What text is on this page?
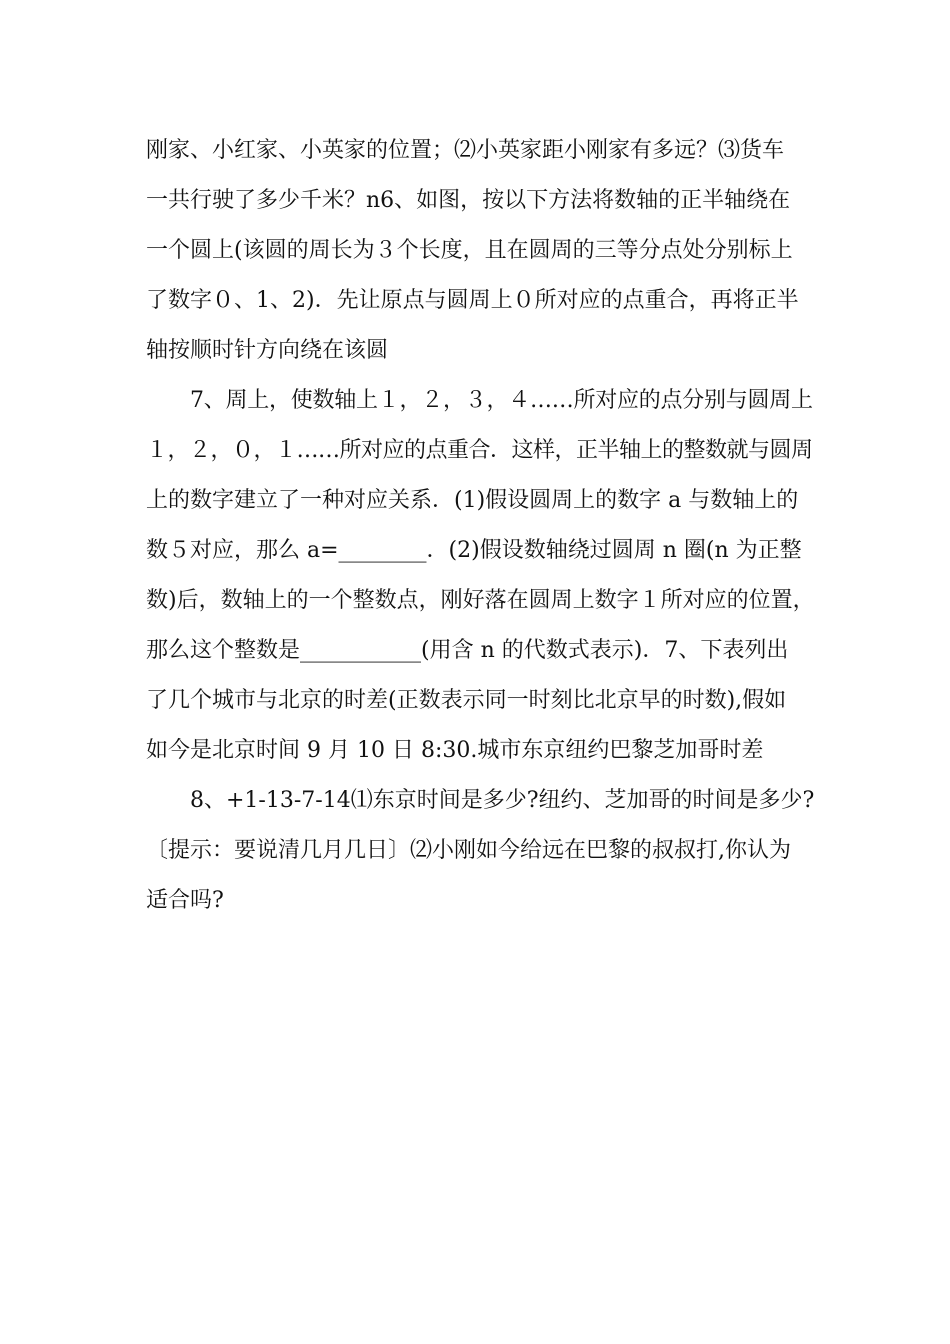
刚家、小红家、小英家的位置；⑵小英家距小刚家有多远？⑶货车
一共行驶了多少千米？n6、如图，按以下方法将数轴的正半轴绕在
一个圆上(该圆的周长为３个长度，且在圆周的三等分点处分别标上
了数字０、1、2)．先让原点与圆周上０所对应的点重合，再将正半
轴按顺时针方向绕在该圆
7、周上，使数轴上１，２，３，４……所对应的点分别与圆周上
１，２，０，１……所对应的点重合．这样，正半轴上的整数就与圆周
上的数字建立了一种对应关系．(1)假设圆周上的数字 a 与数轴上的
数５对应，那么 a=________．(2)假设数轴绕过圆周 n 圈(n 为正整
数)后，数轴上的一个整数点，刚好落在圆周上数字１所对应的位置，
那么这个整数是___________(用含 n 的代数式表示)．7、下表列出
了几个城市与北京的时差(正数表示同一时刻比北京早的时数),假如
如今是北京时间 9 月 10 日 8:30.城市东京纽约巴黎芝加哥时差
8、+1-13-7-14⑴东京时间是多少?纽约、芝加哥的时间是多少?
〔提示：要说清几月几日〕⑵小刚如今给远在巴黎的叔叔打,你认为
适合吗?
